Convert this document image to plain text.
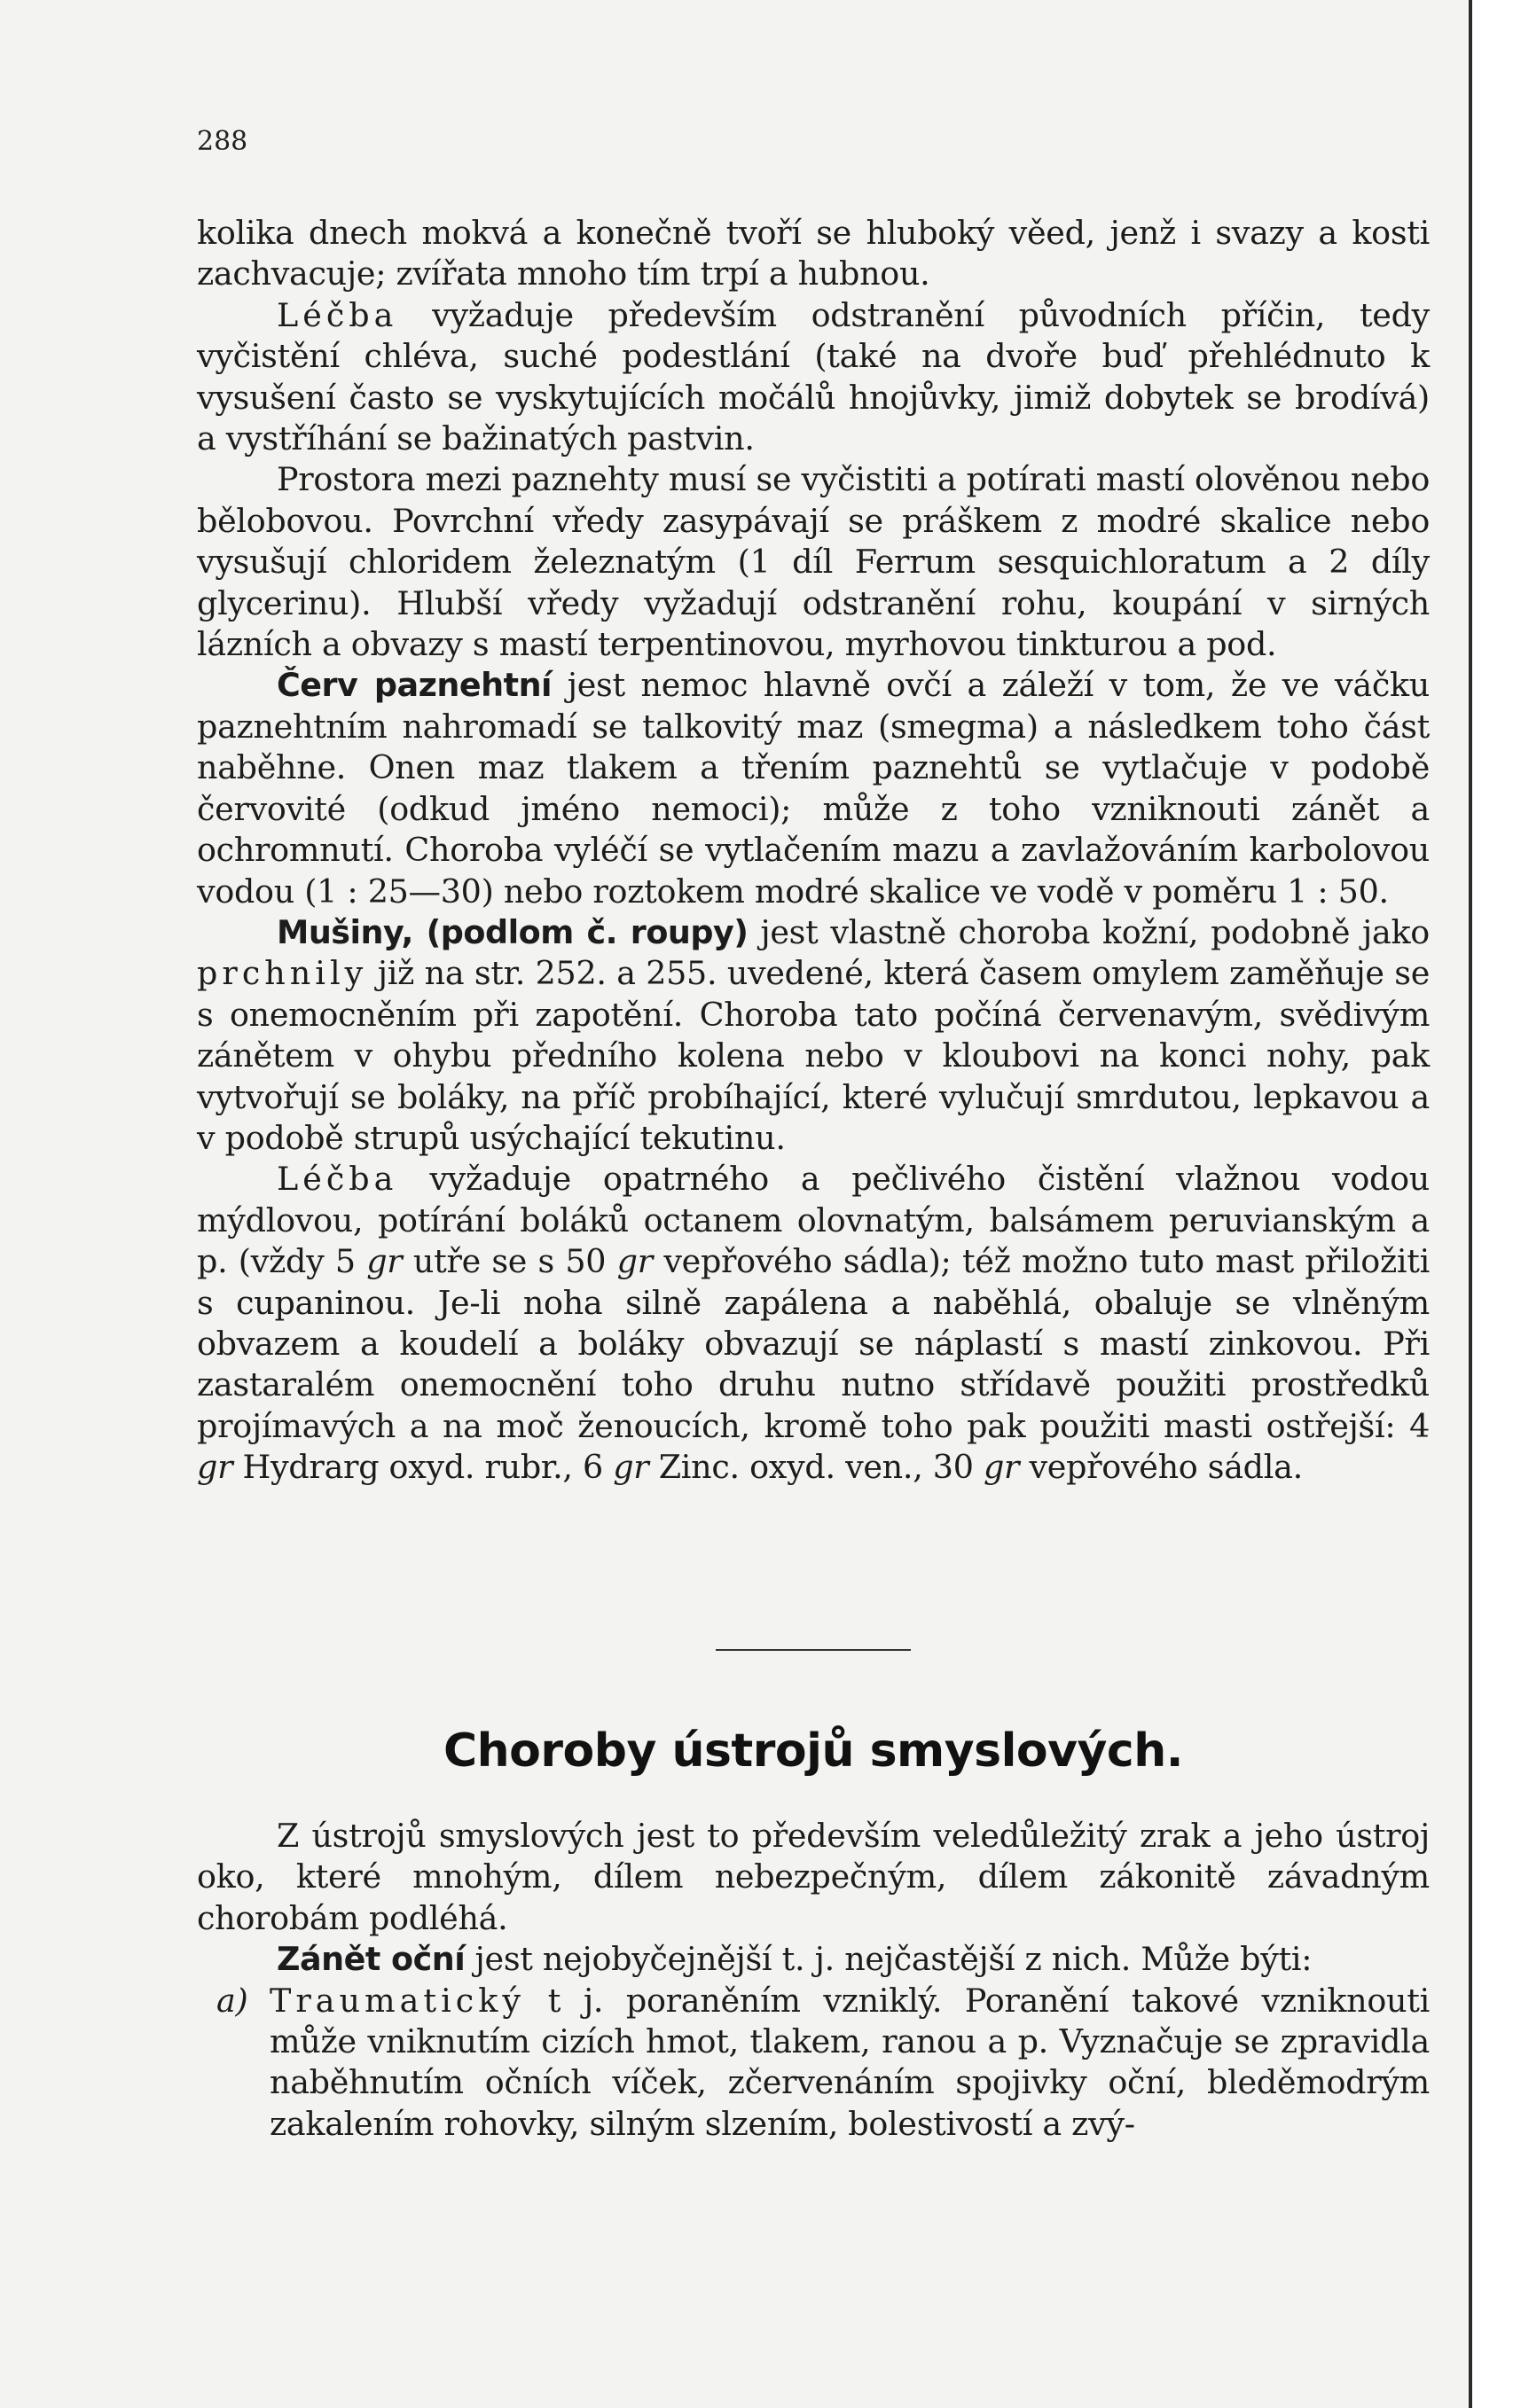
288

kolika dnech mokvá a konečně tvoří se hluboký věed, jenž i svazy a kosti zachvacuje; zvířata mnoho tím trpí a hubnou.

Léčba vyžaduje především odstranění původních příčin, tedy vyčistění chléva, suché podestlání (také na dvoře buď přehlédnuto k vysušení často se vyskytujících močálů hnojůvky, jimiž dobytek se brodívá) a vystříhání se bažinatých pastvin.

Prostora mezi paznehty musí se vyčistiti a potírati mastí olověnou nebo bělobovou. Povrchní vředy zasypávají se práškem z modré skalice nebo vysušují chloridem železnatým (1 díl Ferrum sesquichloratum a 2 díly glycerinu). Hlubší vředy vyžadují odstranění rohu, koupání v sirných lázních a obvazy s mastí terpentinovou, myrhovou tinkturou a pod.

Červ paznehtní jest nemoc hlavně ovčí a záleží v tom, že ve váčku paznehtním nahromadí se talkovitý maz (smegma) a následkem toho část naběhne. Onen maz tlakem a třením paznehtů se vytlačuje v podobě červovité (odkud jméno nemoci); může z toho vzniknouti zánět a ochromnutí. Choroba vyléčí se vytlačením mazu a zavlažováním karbolovou vodou (1 : 25—30) nebo roztokem modré skalice ve vodě v poměru 1 : 50.

Mušiny, (podlom č. roupy) jest vlastně choroba kožní, podobně jako prchnily již na str. 252. a 255. uvedené, která časem omylem zaměňuje se s onemocněním při zapotění. Choroba tato počíná červenavým, svědivým zánětem v ohybu předního kolena nebo v kloubovi na konci nohy, pak vytvořují se boláky, na příč probíhající, které vylučují smrdutou, lepkavou a v podobě strupů usýchající tekutinu.

Léčba vyžaduje opatrného a pečlivého čistění vlažnou vodou mýdlovou, potírání boláků octanem olovnatým, balsámem peruvianským a p. (vždy 5 gr utře se s 50 gr vepřového sádla); též možno tuto mast přiložiti s cupaninou. Je-li noha silně zapálena a naběhlá, obaluje se vlněným obvazem a koudelí a boláky obvazují se náplastí s mastí zinkovou. Při zastaralém onemocnění toho druhu nutno střídavě použiti prostředků projímavých a na moč ženoucích, kromě toho pak použiti masti ostřejší: 4 gr Hydrarg oxyd. rubr., 6 gr Zinc. oxyd. ven., 30 gr vepřového sádla.

Choroby ústrojů smyslových.

Z ústrojů smyslových jest to především veledůležitý zrak a jeho ústroj oko, které mnohým, dílem nebezpečným, dílem zákonitě závadným chorobám podléhá.

Zánět oční jest nejobyčejnější t. j. nejčastější z nich. Může býti:

a) Traumatický t j. poraněním vzniklý. Poranění takové vzniknouti může vniknutím cizích hmot, tlakem, ranou a p. Vyznačuje se zpravidla naběhnutím očních víček, zčervenáním spojivky oční, bleděmodrým zakalením rohovky, silným slzením, bolestivostí a zvý-
